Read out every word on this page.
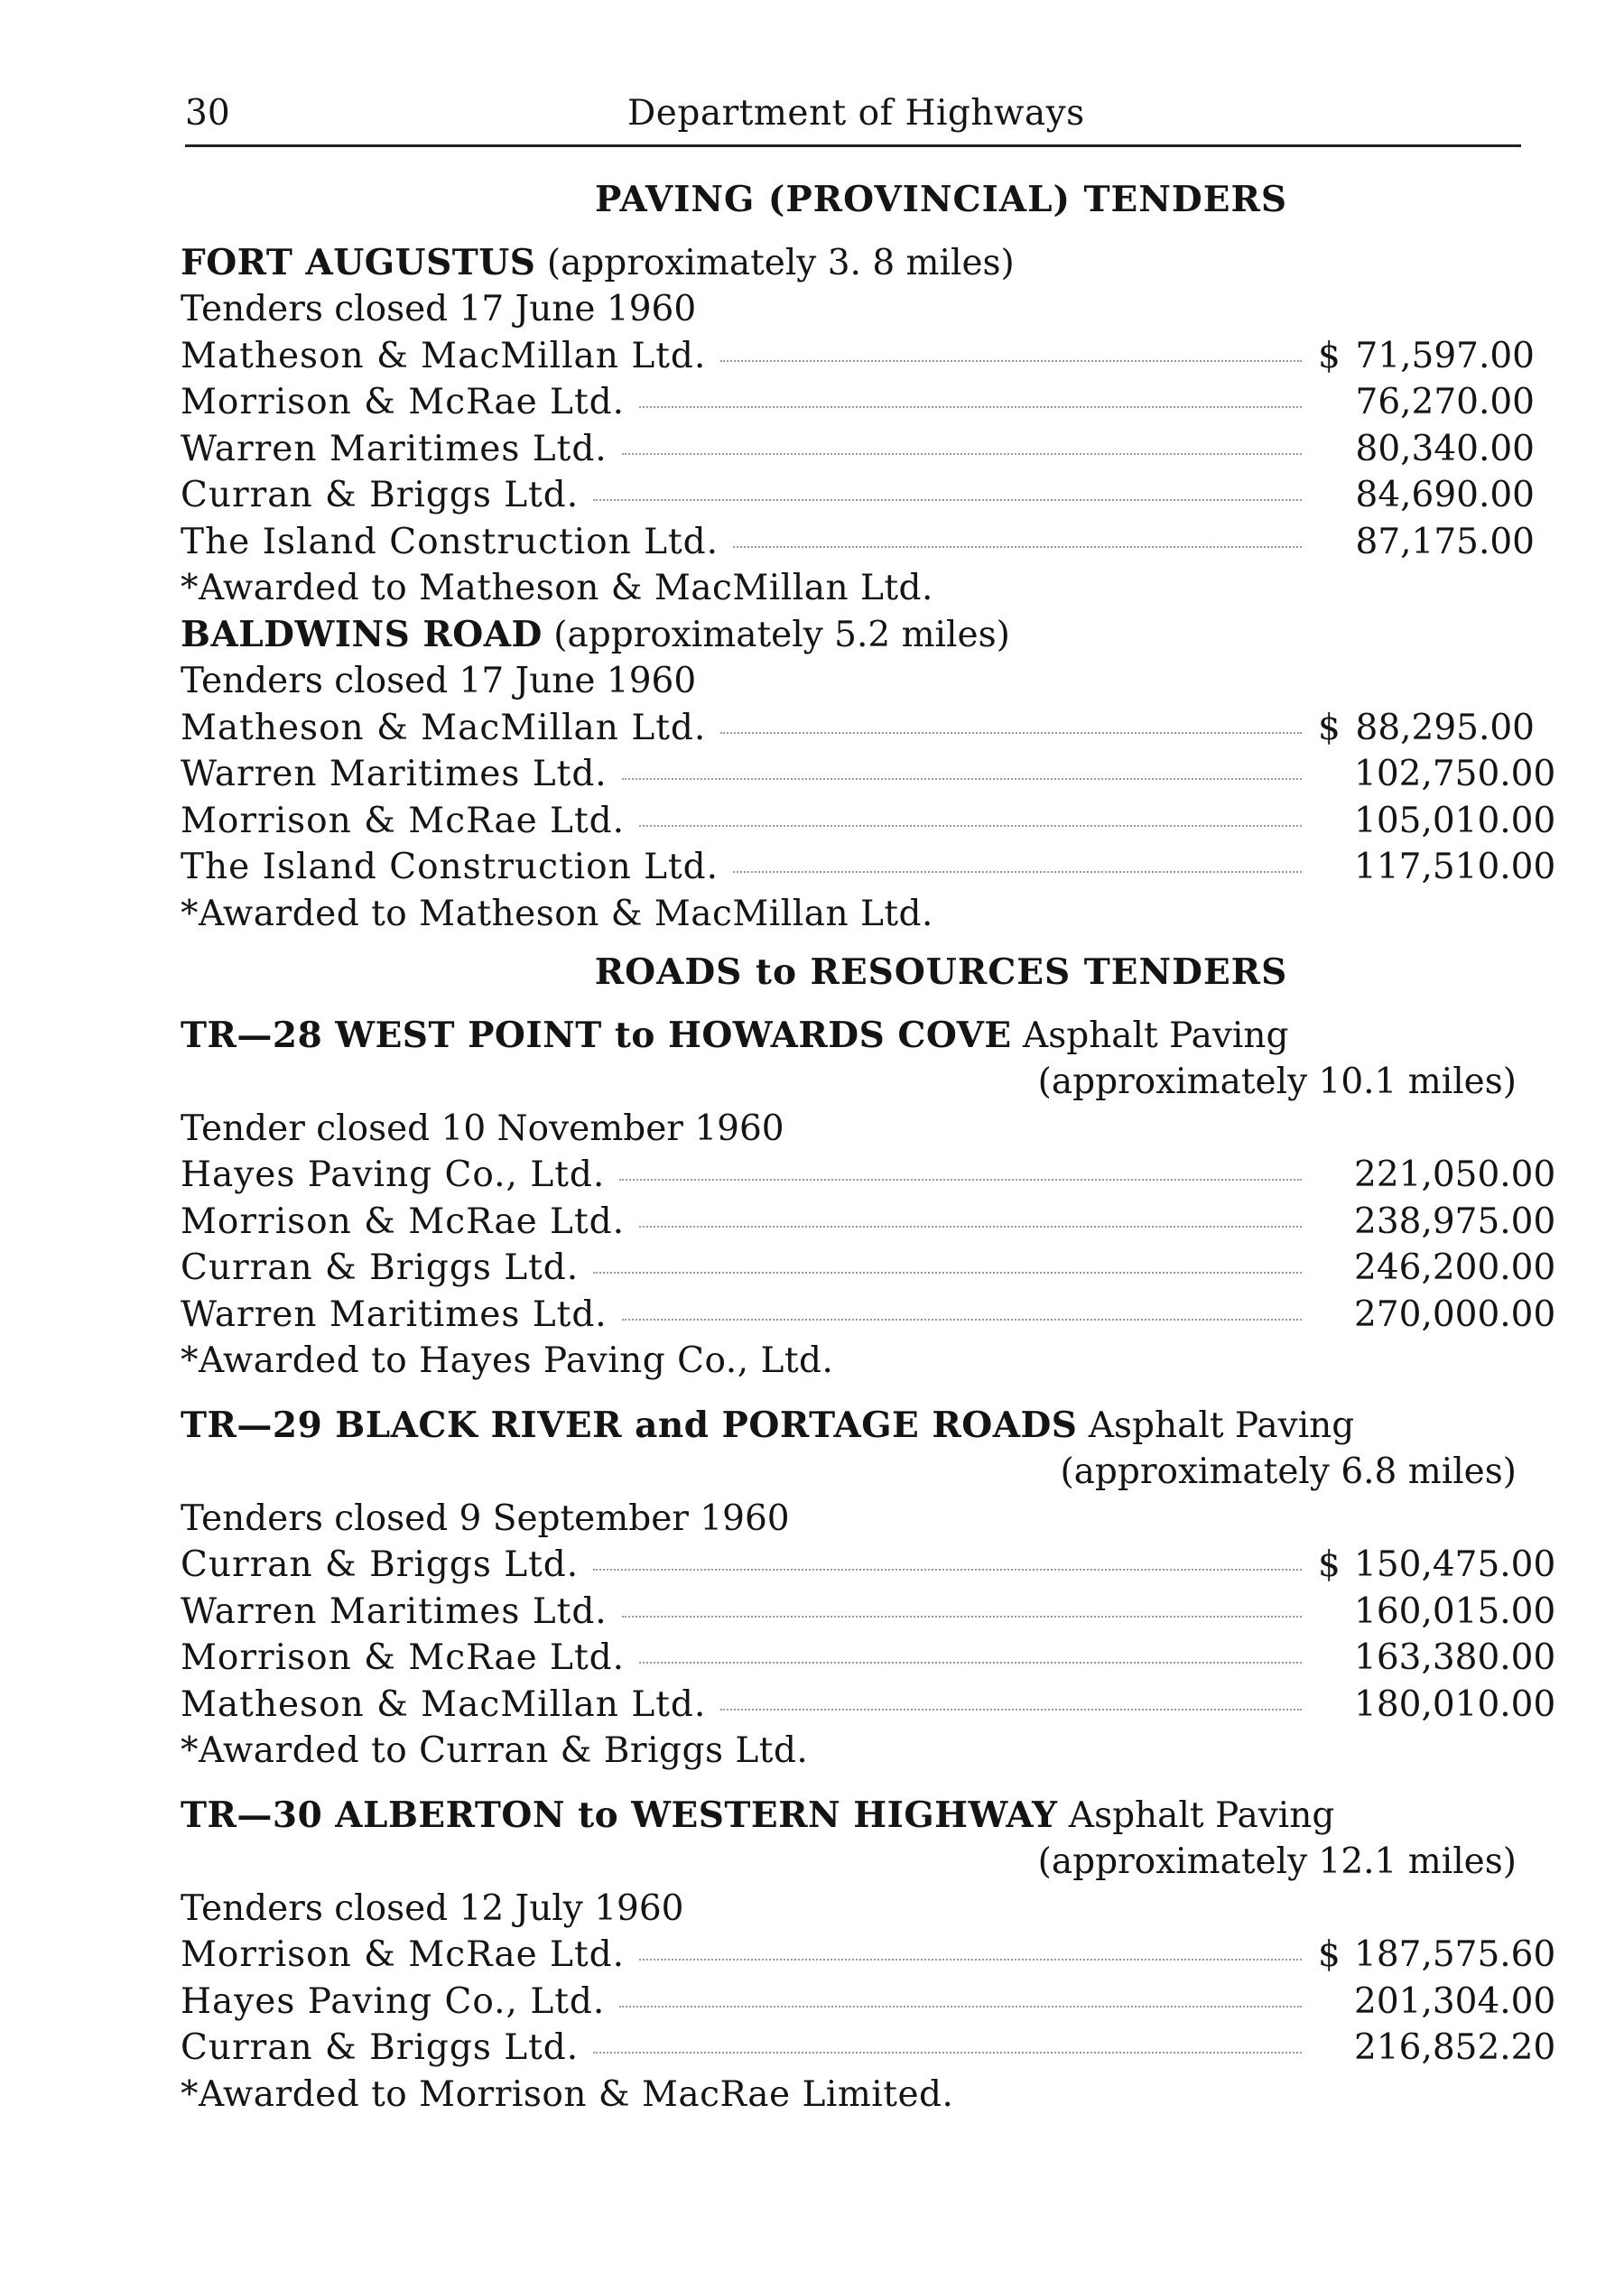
30	Department of Highways
PAVING (PROVINCIAL) TENDERS
FORT AUGUSTUS (approximately 3. 8 miles)
Tenders closed 17 June 1960
Matheson & MacMillan Ltd.	$ 71,597.00
Morrison & McRae Ltd.	76,270.00
Warren Maritimes Ltd.	80,340.00
Curran & Briggs Ltd.	84,690.00
The Island Construction Ltd.	87,175.00
*Awarded to Matheson & MacMillan Ltd.
BALDWINS ROAD (approximately 5.2 miles)
Tenders closed 17 June 1960
Matheson & MacMillan Ltd.	$ 88,295.00
Warren Maritimes Ltd.	102,750.00
Morrison & McRae Ltd.	105,010.00
The Island Construction Ltd.	117,510.00
*Awarded to Matheson & MacMillan Ltd.
ROADS to RESOURCES TENDERS
TR—28 WEST POINT to HOWARDS COVE Asphalt Paving
(approximately 10.1 miles)
Tender closed 10 November 1960
Hayes Paving Co., Ltd.	221,050.00
Morrison & McRae Ltd.	238,975.00
Curran & Briggs Ltd.	246,200.00
Warren Maritimes Ltd.	270,000.00
*Awarded to Hayes Paving Co., Ltd.
TR—29 BLACK RIVER and PORTAGE ROADS Asphalt Paving
(approximately 6.8 miles)
Tenders closed 9 September 1960
Curran & Briggs Ltd.	$ 150,475.00
Warren Maritimes Ltd.	160,015.00
Morrison & McRae Ltd.	163,380.00
Matheson & MacMillan Ltd.	180,010.00
*Awarded to Curran & Briggs Ltd.
TR—30 ALBERTON to WESTERN HIGHWAY Asphalt Paving
(approximately 12.1 miles)
Tenders closed 12 July 1960
Morrison & McRae Ltd.	$ 187,575.60
Hayes Paving Co., Ltd.	201,304.00
Curran & Briggs Ltd.	216,852.20
*Awarded to Morrison & MacRae Limited.
